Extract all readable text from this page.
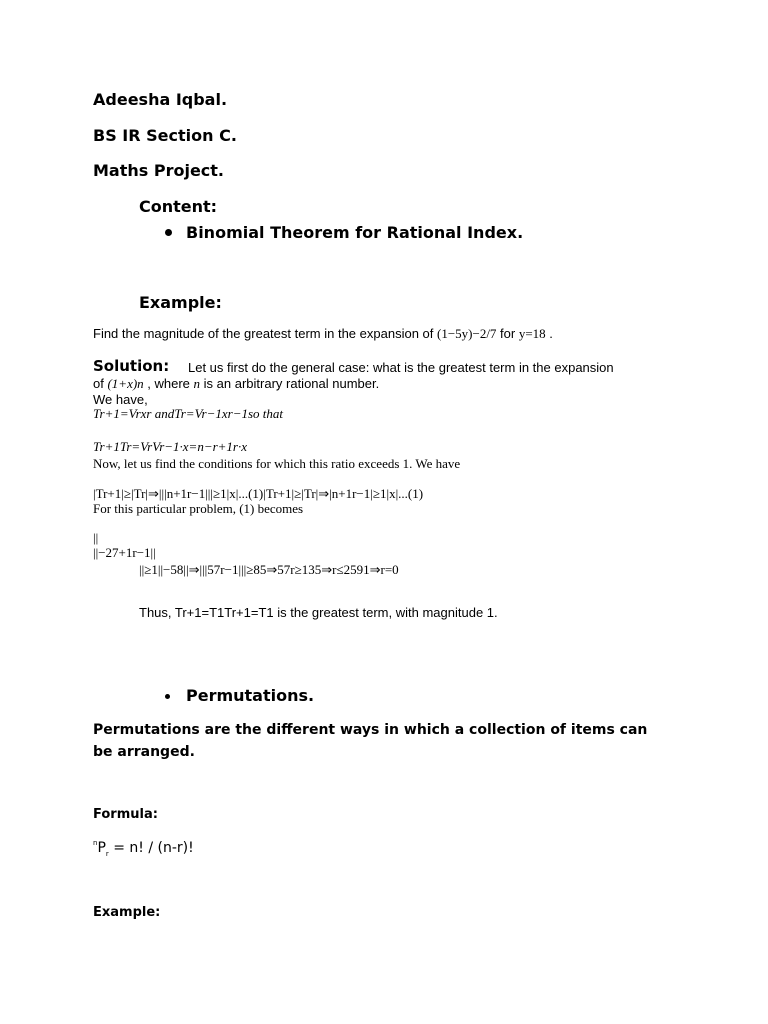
Adeesha Iqbal.
BS IR Section C.
Maths Project.
Content:
Binomial Theorem for Rational Index.
Example:
Find the magnitude of the greatest term in the expansion of (1−5y)−2/7 for y=18 .
Solution: Let us first do the general case: what is the greatest term in the expansion
of (1+x)n , where n is an arbitrary rational number.
We have,
Tr+1=Vrxr andTr=Vr−1xr−1so that
Tr+1Tr=VrVr−1·x=n−r+1r·x
Now, let us find the conditions for which this ratio exceeds 1. We have
|Tr+1|≥|Tr|⇒|||n+1r−1|||≥1|x|...(1)|Tr+1|≥|Tr|⇒|n+1r−1|≥1|x|...(1)
For this particular problem, (1) becomes
||
||−27+1r−1||
||≥1||−58||⇒|||57r−1|||≥85⇒57r≥135⇒r≤2591⇒r=0
Thus, Tr+1=T1Tr+1=T1 is the greatest term, with magnitude 1.
Permutations.
Permutations are the different ways in which a collection of items can be arranged.
Formula:
$^nP_r = n$! / (n-r)!
Example:
